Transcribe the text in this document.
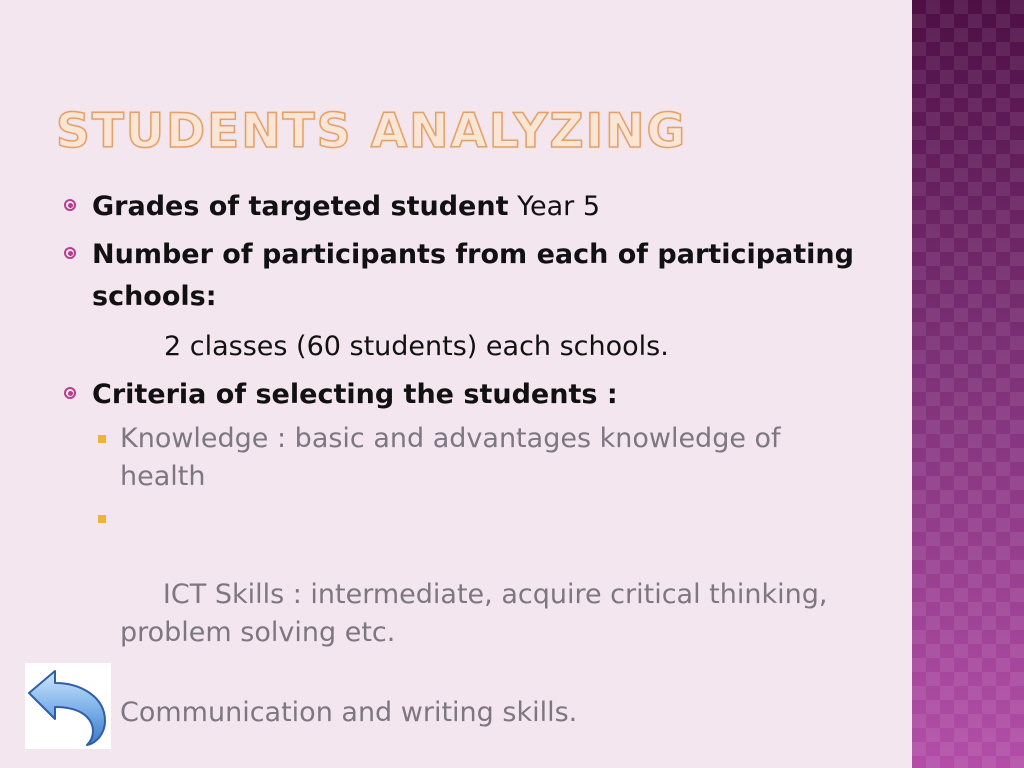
STUDENTS ANALYZING
Grades of targeted student Year 5
Number of participants from each of participating schools:
2 classes (60 students) each schools.
Criteria of selecting the students :
Knowledge : basic and advantages knowledge of health

ICT Skills : intermediate, acquire critical thinking, problem solving etc.

Communication and writing skills.
